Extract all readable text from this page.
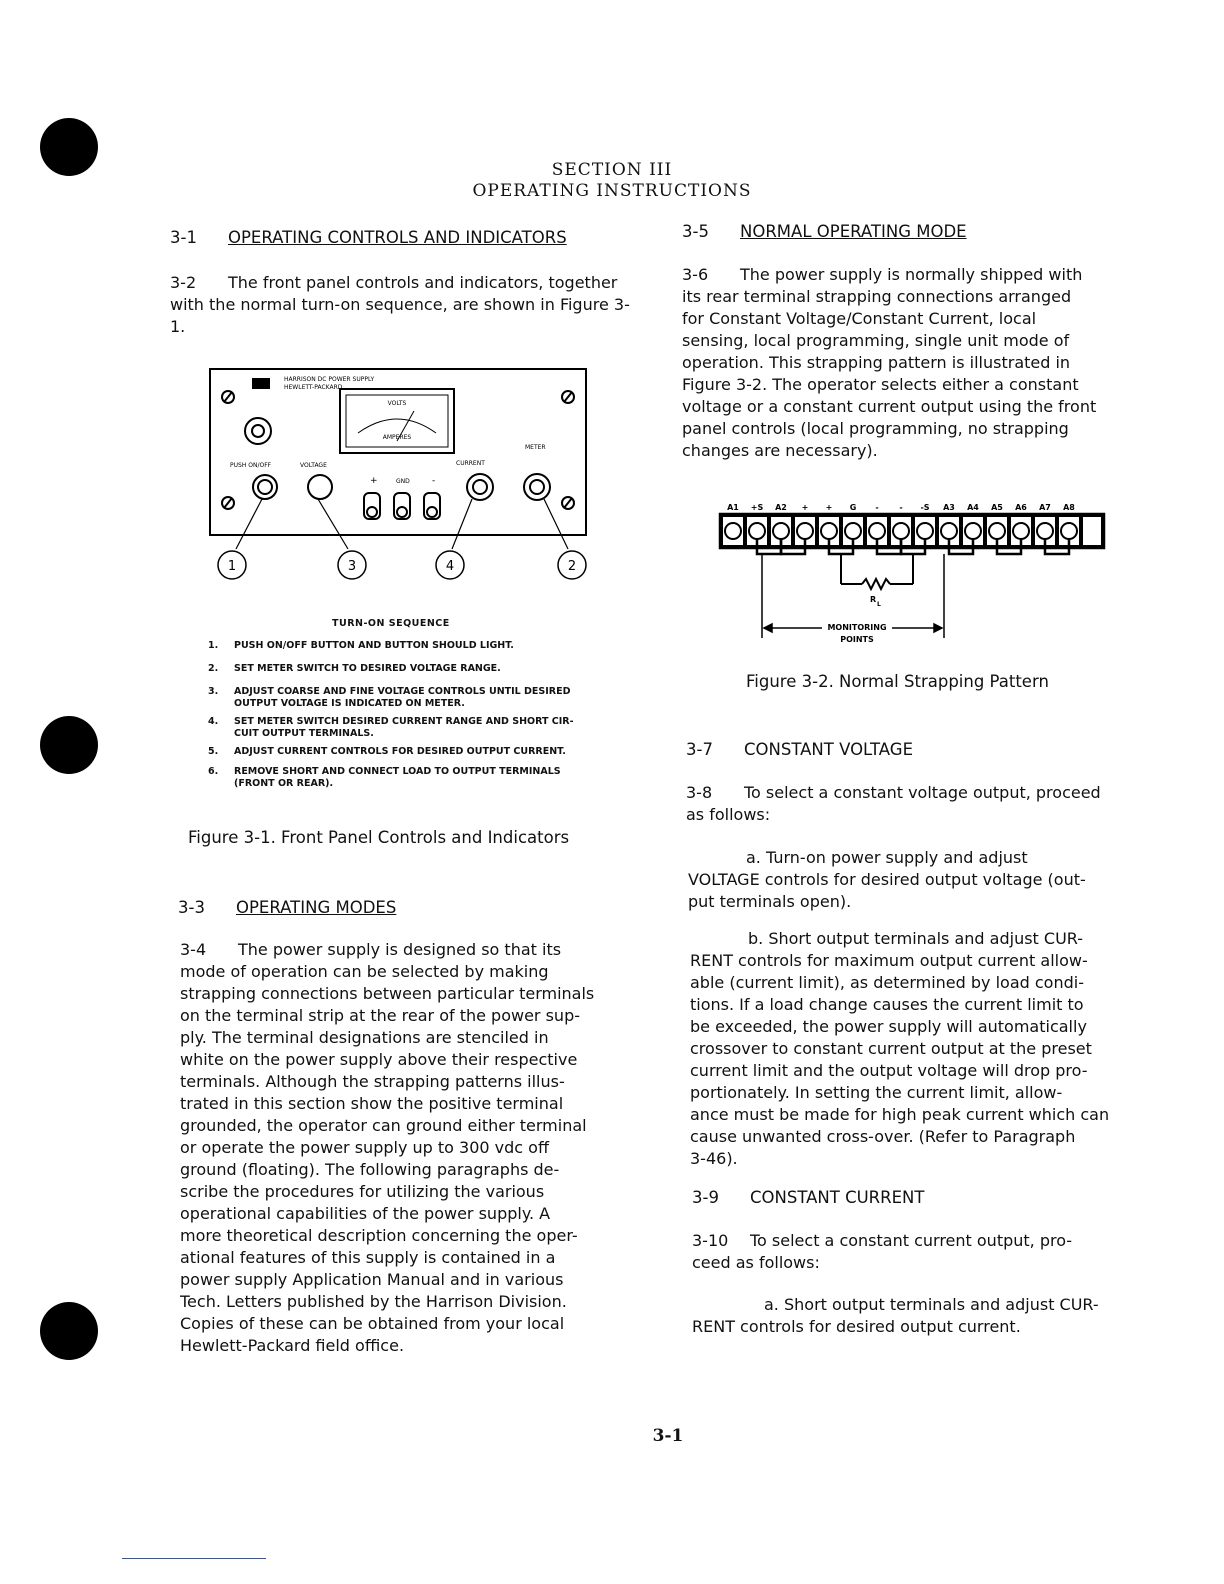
SECTION III
OPERATING INSTRUCTIONS
3-1 OPERATING CONTROLS AND INDICATORS
3-2 The front panel controls and indicators, together with the normal turn-on sequence, are shown in Figure 3-1.
HARRISON DC POWER SUPPLY
HEWLETT-PACKARD
VOLTS
AMPERES
METER
PUSH ON/OFF	VOLTAGE	CURRENT
+	GND -
1	3	4	2
TURN-ON SEQUENCE
1. PUSH ON/OFF BUTTON AND BUTTON SHOULD LIGHT.
2. SET METER SWITCH TO DESIRED VOLTAGE RANGE.
3. ADJUST COARSE AND FINE VOLTAGE CONTROLS UNTIL DESIRED
OUTPUT VOLTAGE IS INDICATED ON METER.
4. SET METER SWITCH DESIRED CURRENT RANGE AND SHORT CIR-
CUIT OUTPUT TERMINALS.
5. ADJUST CURRENT CONTROLS FOR DESIRED OUTPUT CURRENT.
6. REMOVE SHORT AND CONNECT LOAD TO OUTPUT TERMINALS
(FRONT OR REAR).
Figure 3-1. Front Panel Controls and Indicators
3-3 OPERATING MODES
3-4 The power supply is designed so that its
mode of operation can be selected by making
strapping connections between particular terminals
on the terminal strip at the rear of the power sup-
ply. The terminal designations are stenciled in
white on the power supply above their respective
terminals. Although the strapping patterns illus-
trated in this section show the positive terminal
grounded, the operator can ground either terminal
or operate the power supply up to 300 vdc off
ground (floating). The following paragraphs de-
scribe the procedures for utilizing the various
operational capabilities of the power supply. A
more theoretical description concerning the oper-
ational features of this supply is contained in a
power supply Application Manual and in various
Tech. Letters published by the Harrison Division.
Copies of these can be obtained from your local
Hewlett-Packard field office.
3-5 NORMAL OPERATING MODE
3-6 The power supply is normally shipped with
its rear terminal strapping connections arranged
for Constant Voltage/Constant Current, local
sensing, local programming, single unit mode of
operation. This strapping pattern is illustrated in
Figure 3-2. The operator selects either a constant
voltage or a constant current output using the front
panel controls (local programming, no strapping
changes are necessary).
A1 +S A2 + + G -	- -S A3 A4 A5 A6 A7 A8
R
L
MONITORING
POINTS
Figure 3-2. Normal Strapping Pattern
3-7 CONSTANT VOLTAGE
3-8 To select a constant voltage output, proceed
as follows:
a. Turn-on power supply and adjust
VOLTAGE controls for desired output voltage (out-
put terminals open).
b. Short output terminals and adjust CUR-
RENT controls for maximum output current allow-
able (current limit), as determined by load condi-
tions. If a load change causes the current limit to
be exceeded, the power supply will automatically
crossover to constant current output at the preset
current limit and the output voltage will drop pro-
portionately. In setting the current limit, allow-
ance must be made for high peak current which can
cause unwanted cross-over. (Refer to Paragraph
3-46).
3-9 CONSTANT CURRENT
3-10 To select a constant current output, pro-
ceed as follows:
a. Short output terminals and adjust CUR-
RENT controls for desired output current.
3-1
